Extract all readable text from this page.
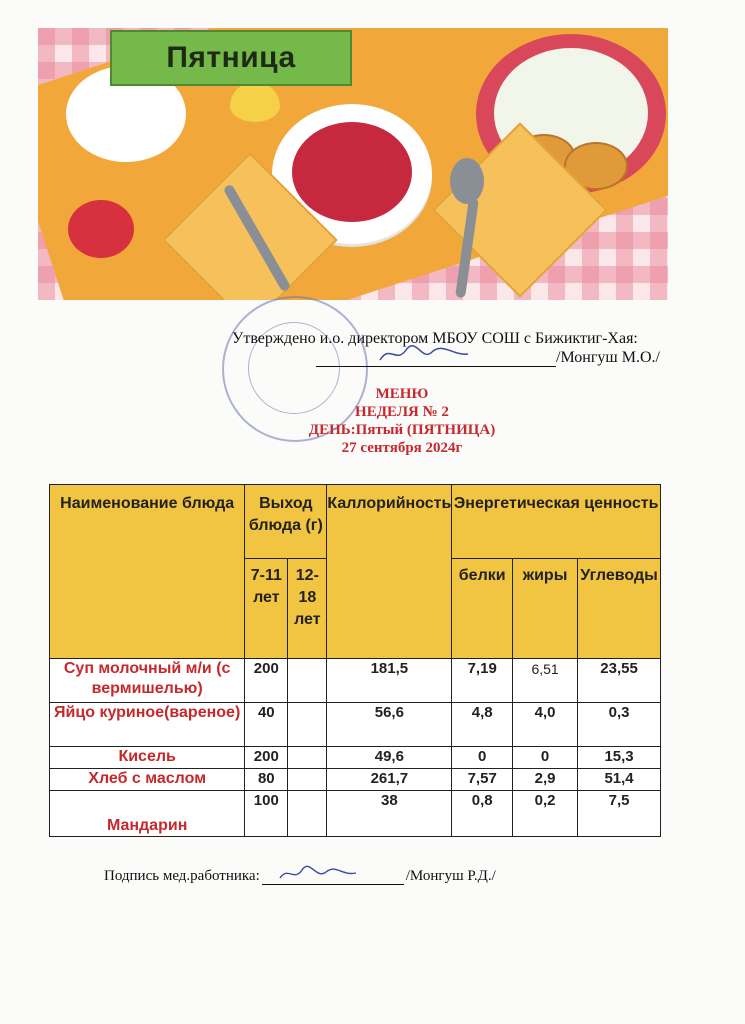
Пятница
Утверждено и.о. директором МБОУ СОШ с Бижиктиг-Хая:
/Монгуш М.О./
МЕНЮ
НЕДЕЛЯ № 2
ДЕНЬ:Пятый (ПЯТНИЦА)
27 сентября 2024г
Наименование блюда	Выход блюда (г)		Каллорийность	Энергетическая ценность		
	7-11 лет	12-18 лет		белки	жиры	Углеводы
Суп молочный м/и (с вермишелью)	200		181,5	7,19	6,51	23,55
Яйцо куриное(вареное)	40		56,6	4,8	4,0	0,3
Кисель	200		49,6	0	0	15,3
Хлеб с маслом	80		261,7	7,57	2,9	51,4
Мандарин	100		38	0,8	0,2	7,5
Подпись мед.работника:	/Монгуш Р.Д./
